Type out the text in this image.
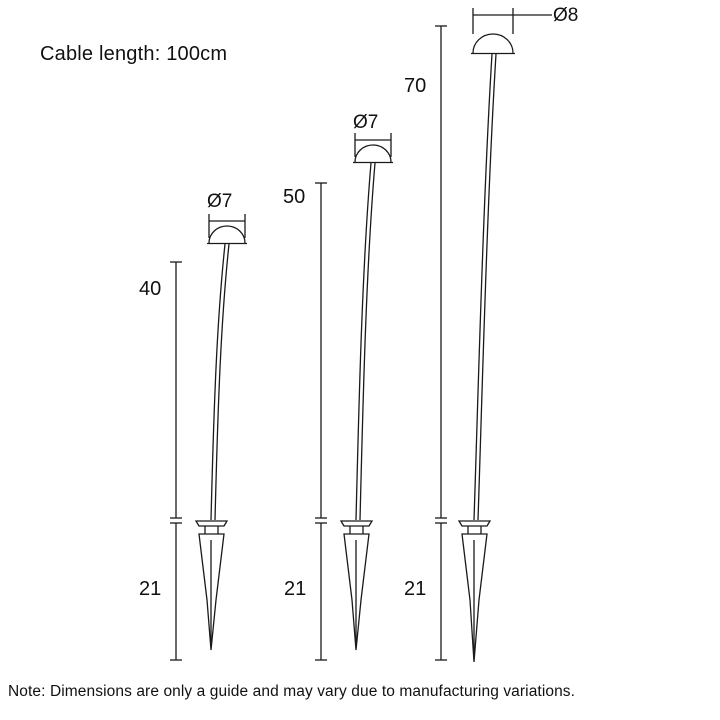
Cable length: 100cm
Ø7
40
21
Ø7
50
21
Ø8
70
21
Note: Dimensions are only a guide and may vary due to manufacturing variations.
